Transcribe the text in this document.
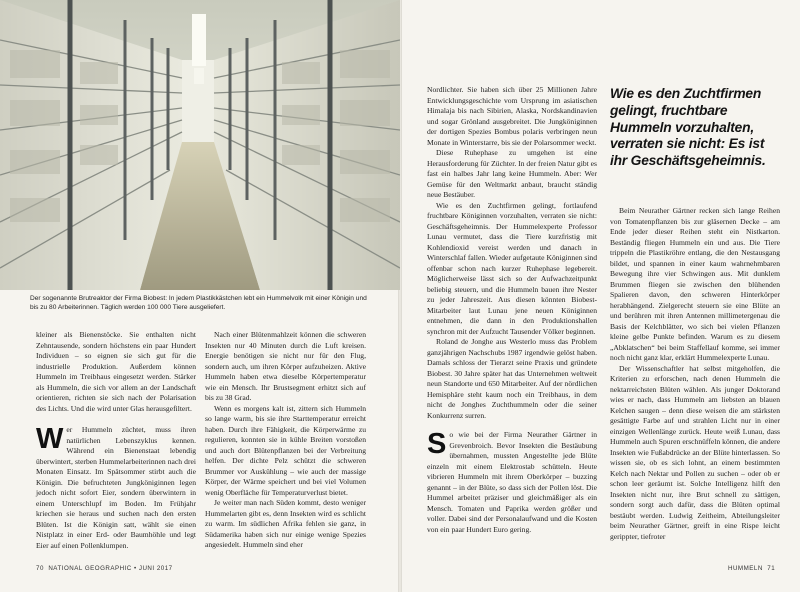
Der sogenannte Brutreaktor der Firma Biobest: In jedem Plastikkästchen lebt ein Hummelvolk mit einer Königin und bis zu 80 Arbeiterinnen. Täglich werden 100 000 Tiere ausgeliefert.

kleiner als Bienenstöcke. Sie enthalten nicht Zehntausende, sondern höchstens ein paar Hundert Individuen – so eignen sie sich gut für die industrielle Produktion. Außerdem können Hummeln im Treibhaus eingesetzt werden. Stärker als Hummeln, die sich vor allem an der Landschaft orientieren, richten sie sich nach der Polarisation des Lichts. Und die wird unter Glas herausgefiltert.

Wer Hummeln züchtet, muss ihren natürlichen Lebenszyklus kennen. Während ein Bienenstaat lebendig überwintert, sterben Hummelarbeiterinnen nach drei Monaten Einsatz. Im Spätsommer stirbt auch die Königin. Die befruchteten Jungköniginnen legen jedoch nicht sofort Eier, sondern überwintern in einem Unterschlupf im Boden. Im Frühjahr kriechen sie heraus und suchen nach den ersten Blüten. Ist die Königin satt, wählt sie einen Nistplatz in einer Erd- oder Baumhöhle und legt Eier auf einen Pollenklumpen.

Nach einer Blütenmahlzeit können die schweren Insekten nur 40 Minuten durch die Luft kreisen. Energie benötigen sie nicht nur für den Flug, sondern auch, um ihren Körper aufzuheizen. Aktive Hummeln haben etwa dieselbe Körpertemperatur wie ein Mensch. Ihr Brustsegment erhitzt sich auf bis zu 38 Grad.

Wenn es morgens kalt ist, zittern sich Hummeln so lange warm, bis sie ihre Starttemperatur erreicht haben. Durch ihre Fähigkeit, die Körperwärme zu regulieren, konnten sie in kühle Breiten vorstoßen und auch dort Blütenpflanzen bei der Verbreitung helfen. Der dichte Pelz schützt die schweren Brummer vor Auskühlung – wie auch der massige Körper, der Wärme speichert und bei viel Volumen wenig Oberfläche für Temperaturverlust bietet.

Je weiter man nach Süden kommt, desto weniger Hummelarten gibt es, denn Insekten wird es schlicht zu warm. Im südlichen Afrika fehlen sie ganz, in Südamerika haben sich nur einige wenige Spezies angesiedelt. Hummeln sind eher

Nordlichter. Sie haben sich über 25 Millionen Jahre Entwicklungsgeschichte vom Ursprung im asiatischen Himalaja bis nach Sibirien, Alaska, Nordskandinavien und sogar Grönland ausgebreitet. Die Jungköniginnen der dortigen Spezies Bombus polaris verbringen neun Monate in Winterstarre, bis sie der Polarsommer weckt.

Diese Ruhephase zu umgehen ist eine Herausforderung für Züchter. In der freien Natur gibt es fast ein halbes Jahr lang keine Hummeln. Aber: Wer Gemüse für den Weltmarkt anbaut, braucht ständig neue Bestäuber.

Wie es den Zuchtfirmen gelingt, fortlaufend fruchtbare Königinnen vorzuhalten, verraten sie nicht: Geschäftsgeheimnis. Der Hummelexperte Professor Lunau vermutet, dass die Tiere kurzfristig mit Kohlendioxid vereist werden und danach in Winterschlaf fallen. Wieder aufgetaute Königinnen sind offenbar schon nach kurzer Ruhephase legebereit. Möglicherweise lässt sich so der Aufwachzeitpunkt beliebig steuern, und die Hummeln bauen ihre Nester zu jeder Jahreszeit. Aus diesen könnten Biobest-Mitarbeiter laut Lunau jene neuen Königinnen entnehmen, die dann in den Produktionshallen synchron mit der Aufzucht Tausender Völker beginnen.

Roland de Jonghe aus Westerlo muss das Problem ganzjährigen Nachschubs 1987 irgendwie gelöst haben. Damals schloss der Tierarzt seine Praxis und gründete Biobest. 30 Jahre später hat das Unternehmen weltweit neun Standorte und 650 Mitarbeiter. Auf der nördlichen Hemisphäre steht kaum noch ein Treibhaus, in dem nicht de Jonghes Zuchthummeln oder die seiner Konkurrenz surren.

So wie bei der Firma Neurather Gärtner in Grevenbroich. Bevor Insekten die Bestäubung übernahmen, mussten Angestellte jede Blüte einzeln mit einem Elektrostab schütteln. Heute vibrieren Hummeln mit ihrem Oberkörper – buzzing genannt – in der Blüte, so dass sich der Pollen löst. Die Hummel arbeitet präziser und gleichmäßiger als ein Mensch. Tomaten und Paprika werden größer und voller. Dabei sind der Personalaufwand und die Kosten von ein paar Hundert Euro gering.

Wie es den Zuchtfirmen gelingt, fruchtbare Hummeln vorzuhalten, verraten sie nicht: Es ist ihr Geschäftsgeheimnis.

Beim Neurather Gärtner recken sich lange Reihen von Tomatenpflanzen bis zur gläsernen Decke – am Ende jeder dieser Reihen steht ein Nistkarton. Beständig fliegen Hummeln ein und aus. Die Tiere trippeln die Plastikröhre entlang, die den Nestausgang bildet, und spannen in einer kaum wahrnehmbaren Bewegung ihre vier Schwingen aus. Mit dunklem Brummen fliegen sie zwischen den blühenden Spalieren davon, den schweren Hinterkörper herabhängend. Zielgerecht steuern sie eine Blüte an und berühren mit ihren Antennen millimetergenau die Basis der Kelchblätter, wo sich bei vielen Pflanzen kleine gelbe Punkte befinden. Warum es zu diesem „Abklatschen“ bei beim Staffellauf komme, sei immer noch nicht ganz klar, erklärt Hummelexperte Lunau.

Der Wissenschaftler hat selbst mitgeholfen, die Kriterien zu erforschen, nach denen Hummeln die nektarreichsten Blüten wählen. Als junger Doktorand wies er nach, dass Hummeln am liebsten an blauen Kelchen saugen – denn diese weisen die am stärksten gesättigte Farbe auf und strahlen Licht nur in einer einzigen Wellenlänge zurück. Heute weiß Lunau, dass Hummeln auch Spuren erschnüffeln können, die andere Insekten wie Fußabdrücke an der Blüte hinterlassen. So wissen sie, ob es sich lohnt, an einem bestimmten Kelch nach Nektar und Pollen zu suchen – oder ob er schon leer geräumt ist. Solche Intelligenz hilft den Insekten nicht nur, ihre Brut schnell zu sättigen, sondern sorgt auch dafür, dass die Blüten optimal bestäubt werden. Ludwig Zeitheim, Abteilungsleiter beim Neurather Gärtner, greift in eine Rispe leicht gerippter, tiefroter

70 NATIONAL GEOGRAPHIC • JUNI 2017	HUMMELN 71
